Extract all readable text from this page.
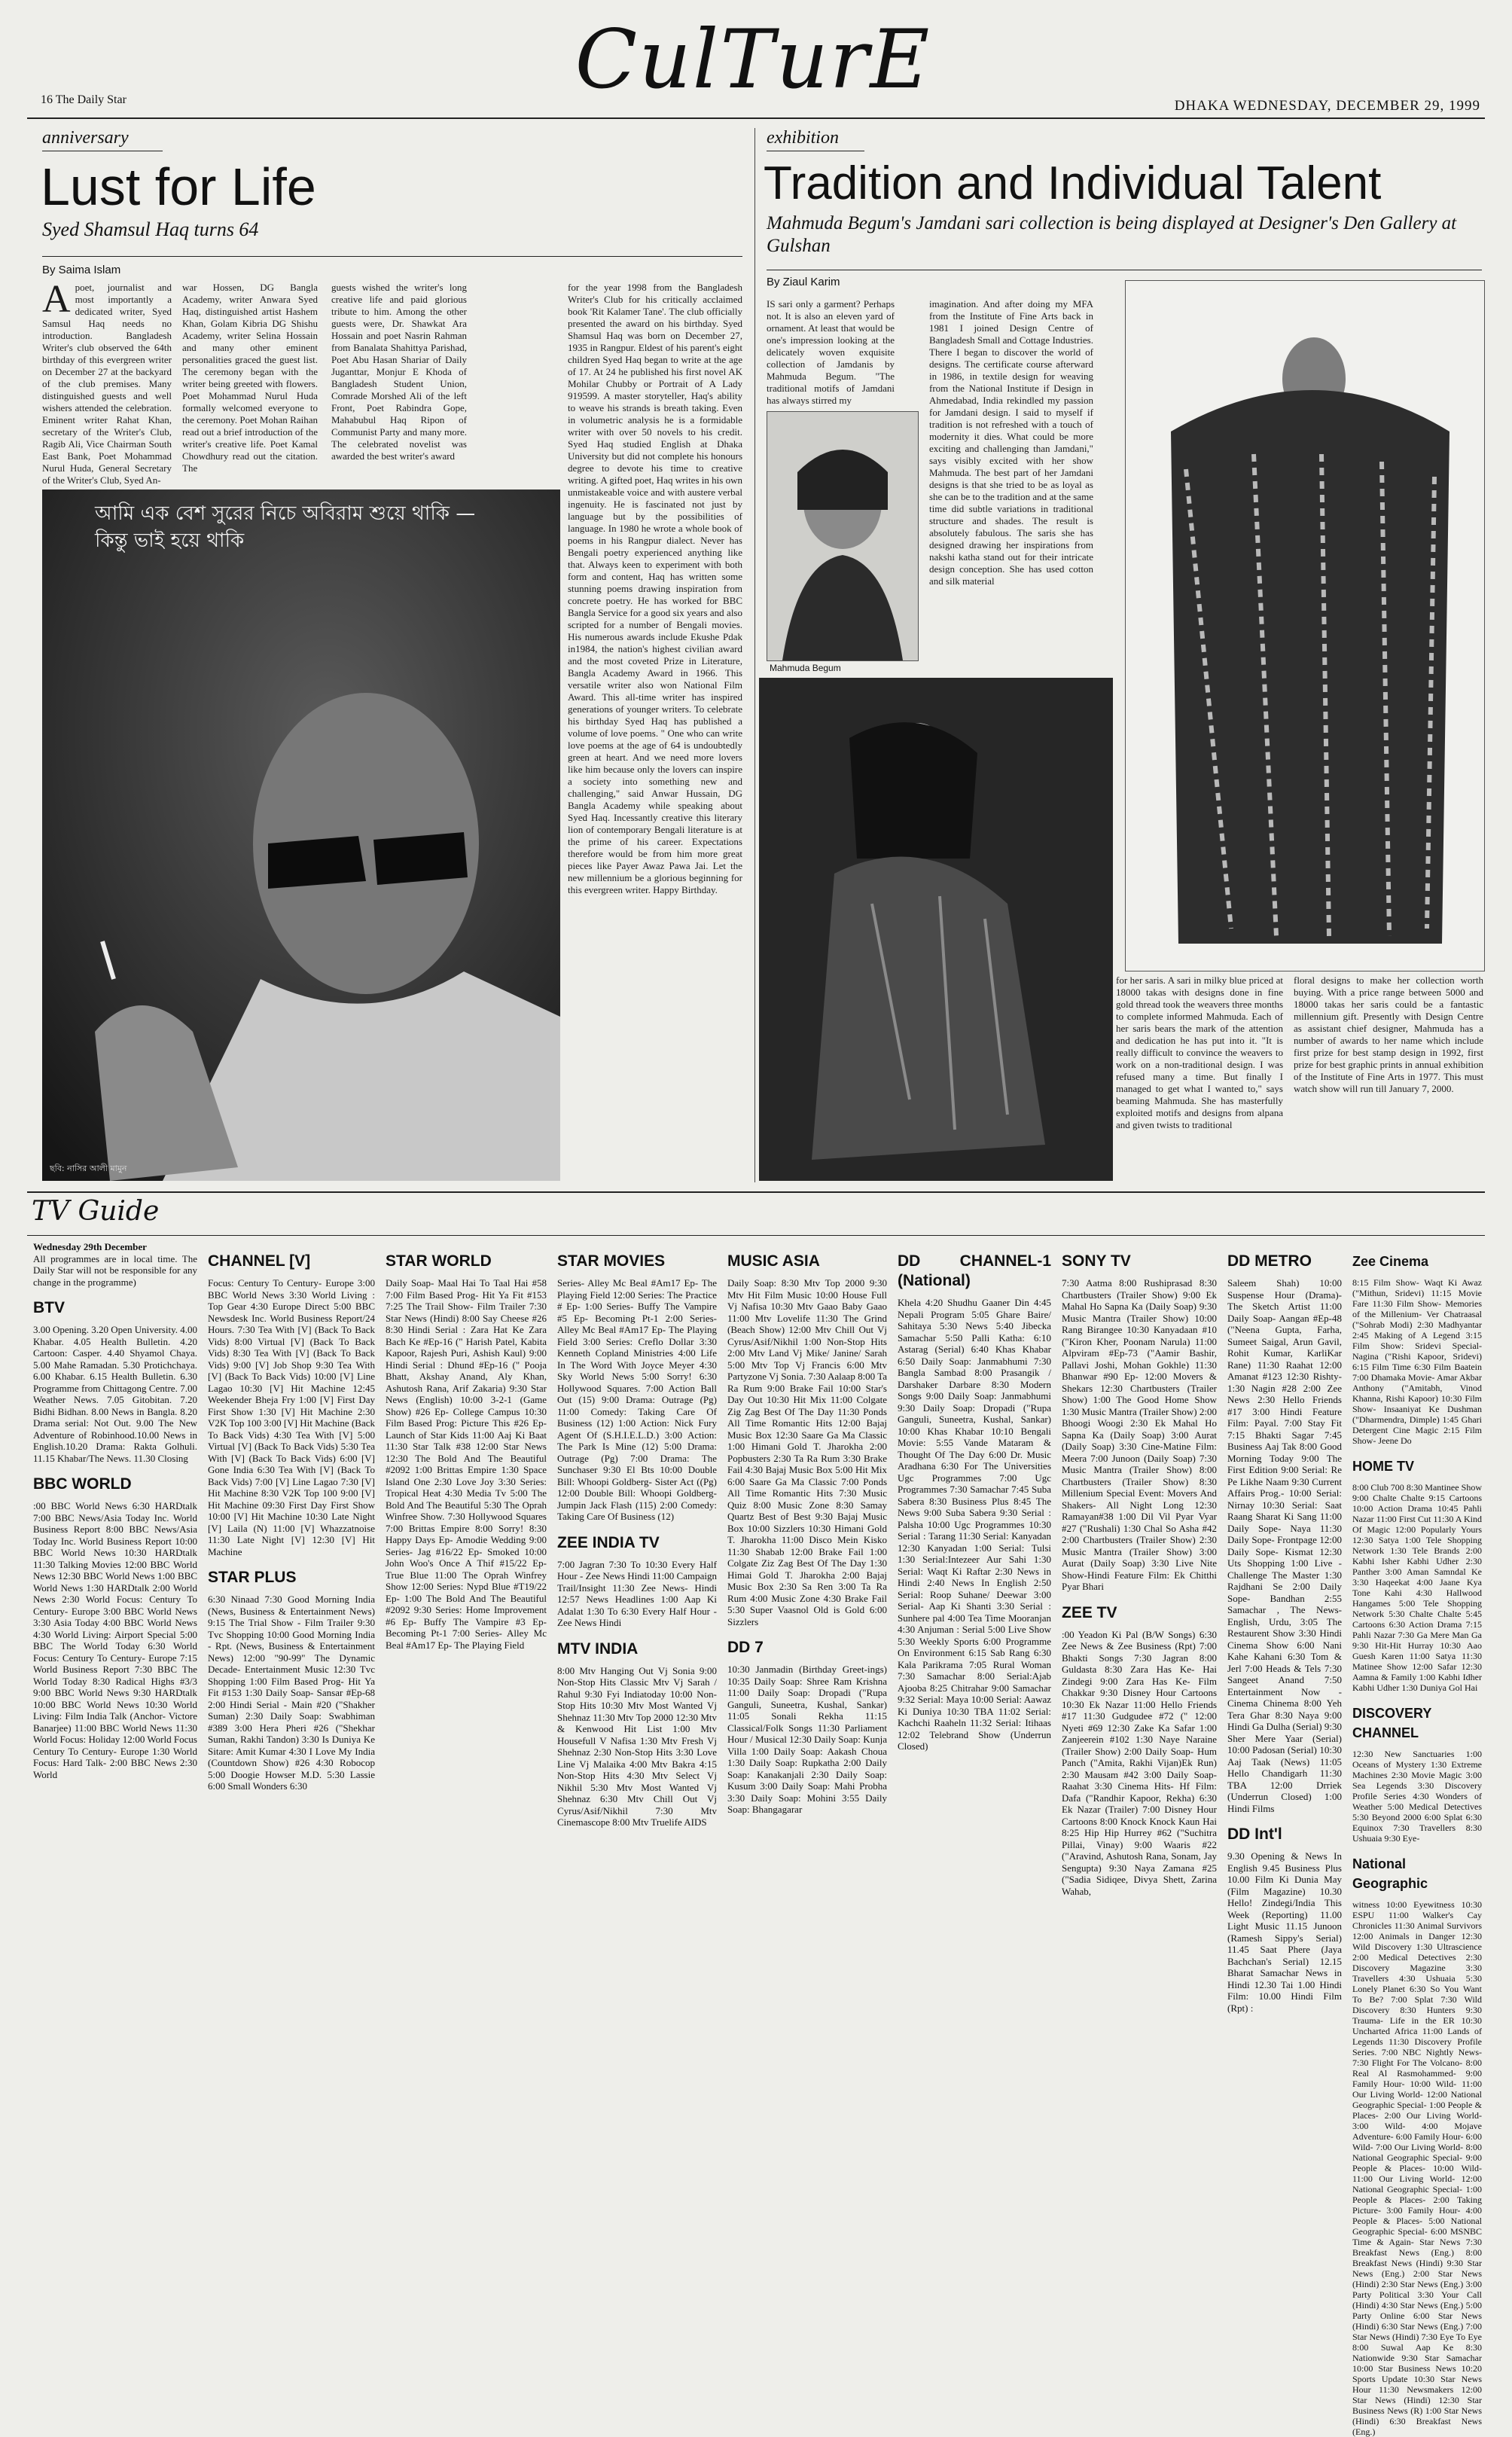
16 The Daily Star	CulTurE	DHAKA WEDNESDAY, DECEMBER 29, 1999
anniversary
Lust for Life
Syed Shamsul Haq turns 64
By Saima Islam
A poet, journalist and most importantly a dedicated writer, Syed Samsul Haq needs no introduction. Bangladesh Writer's club observed the 64th birthday of this evergreen writer on December 27 at the backyard of the club premises. Many distinguished guests and well wishers attended the celebration. Eminent writer Rahat Khan, secretary of the Writer's Club, Ragib Ali, Vice Chairman South East Bank, Poet Mohammad Nurul Huda, General Secretary of the Writer's Club, Syed An-
war Hossen, DG Bangla Academy, writer Anwara Syed Haq, distinguished artist Hashem Khan, Golam Kibria DG Shishu Academy, writer Selina Hossain and many other eminent personalities graced the guest list. The ceremony began with the writer being greeted with flowers. Poet Mohammad Nurul Huda formally welcomed everyone to the ceremony. Poet Mohan Raihan read out a brief introduction of the writer's creative life. Poet Kamal Chowdhury read out the citation. The
guests wished the writer's long creative life and paid glorious tribute to him. Among the other guests were, Dr. Shawkat Ara Hossain and poet Nasrin Rahman from Banalata Shahittya Parishad, Poet Abu Hasan Shariar of Daily Juganttar, Monjur E Khoda of Bangladesh Student Union, Comrade Morshed Ali of the left Front, Poet Rabindra Gope, Mahabubul Haq Ripon of Communist Party and many more. The celebrated novelist was awarded the best writer's award
for the year 1998 from the Bangladesh Writer's Club for his critically acclaimed book 'Rit Kalamer Tane'. The club officially presented the award on his birthday. Syed Shamsul Haq was born on December 27, 1935 in Rangpur. Eldest of his parent's eight children Syed Haq began to write at the age of 17. At 24 he published his first novel AK Mohilar Chubby or Portrait of A Lady 919599. A master storyteller, Haq's ability to weave his strands is breath taking. Even in volumetric analysis he is a formidable writer with over 50 novels to his credit. Syed Haq studied English at Dhaka University but did not complete his honours degree to devote his time to creative writing. A gifted poet, Haq writes in his own unmistakeable voice and with austere verbal ingenuity. He is fascinated not just by language but by the possibilities of language. In 1980 he wrote a whole book of poems in his Rangpur dialect. Never has Bengali poetry experienced anything like that. Always keen to experiment with both form and content, Haq has written some stunning poems drawing inspiration from concrete poetry. He has worked for BBC Bangla Service for a good six years and also scripted for a number of Bengali movies. His numerous awards include Ekushe Pdak in1984, the nation's highest civilian award and the most coveted Prize in Literature, Bangla Academy Award in 1966. This versatile writer also won National Film Award. This all-time writer has inspired generations of younger writers. To celebrate his birthday Syed Haq has published a volume of love poems. " One who can write love poems at the age of 64 is undoubtedly green at heart. And we need more lovers like him because only the lovers can inspire a society into something new and challenging," said Anwar Hussain, DG Bangla Academy while speaking about Syed Haq. Incessantly creative this literary lion of contemporary Bengali literature is at the prime of his career. Expectations therefore would be from him more great pieces like Payer Awaz Pawa Jai. Let the new millennium be a glorious beginning for this evergreen writer. Happy Birthday.
আমি এক বেশ সুরের নিচে অবিরাম শুয়ে থাকি — কিন্তু ভাই হয়ে থাকি
ছবি: নাসির আলী মামুন
exhibition
Tradition and Individual Talent
Mahmuda Begum's Jamdani sari collection is being displayed at Designer's Den Gallery at Gulshan
By Ziaul Karim
IS sari only a garment? Perhaps not. It is also an eleven yard of ornament. At least that would be one's impression looking at the delicately woven exquisite collection of Jamdanis by Mahmuda Begum. "The traditional motifs of Jamdani has always stirred my
imagination. And after doing my MFA from the Institute of Fine Arts back in 1981 I joined Design Centre of Bangladesh Small and Cottage Industries. There I began to discover the world of designs. The certificate course afterward in 1986, in textile design for weaving from the National Institute if Design in Ahmedabad, India rekindled my passion for Jamdani design. I said to myself if tradition is not refreshed with a touch of modernity it dies. What could be more exciting and challenging than Jamdani," says visibly excited with her show Mahmuda. The best part of her Jamdani designs is that she tried to be as loyal as she can be to the tradition and at the same time did subtle variations in traditional structure and shades. The result is absolutely fabulous. The saris she has designed drawing her inspirations from nakshi katha stand out for their intricate design conception. She has used cotton and silk material
for her saris. A sari in milky blue priced at 18000 takas with designs done in fine gold thread took the weavers three months to complete informed Mahmuda. Each of her saris bears the mark of the attention and dedication he has put into it. "It is really difficult to convince the weavers to work on a non-traditional design. I was refused many a time. But finally I managed to get what I wanted to," says beaming Mahmuda. She has masterfully exploited motifs and designs from alpana and given twists to traditional
floral designs to make her collection worth buying. With a price range between 5000 and 18000 takas her saris could be a fantastic millennium gift. Presently with Design Centre as assistant chief designer, Mahmuda has a number of awards to her name which include first prize for best stamp design in 1992, first prize for best graphic prints in annual exhibition of the Institute of Fine Arts in 1977. This must watch show will run till January 7, 2000.
Mahmuda Begum
TV Guide
Wednesday 29th December
All programmes are in local time. The Daily Star will not be responsible for any change in the programme)
BTV
3.00 Opening. 3.20 Open University. 4.00 Khabar. 4.05 Health Bulletin. 4.20 Cartoon: Casper. 4.40 Shyamol Chaya. 5.00 Mahe Ramadan. 5.30 Protichchaya. 6.00 Khabar. 6.15 Health Bulletin. 6.30 Programme from Chittagong Centre. 7.00 Weather News. 7.05 Gitobitan. 7.20 Bidhi Bidhan. 8.00 News in Bangla. 8.20 Drama serial: Not Out. 9.00 The New Adventure of Robinhood.10.00 News in English.10.20 Drama: Rakta Golhuli. 11.15 Khabar/The News. 11.30 Closing
BBC WORLD
:00 BBC World News 6:30 HARDtalk 7:00 BBC News/Asia Today Inc. World Business Report 8:00 BBC News/Asia Today Inc. World Business Report 10:00 BBC World News 10:30 HARDtalk 11:30 Talking Movies 12:00 BBC World News 12:30 BBC World News 1:00 BBC World News 1:30 HARDtalk 2:00 World News 2:30 World Focus: Century To Century- Europe 3:00 BBC World News 3:30 Asia Today 4:00 BBC World News 4:30 World Living: Airport Special 5:00 BBC The World Today 6:30 World Focus: Century To Century- Europe 7:15 World Business Report 7:30 BBC The World Today 8:30 Radical Highs #3/3 9:00 BBC World News 9:30 HARDtalk 10:00 BBC World News 10:30 World Living: Film India Talk (Anchor- Victore Banarjee) 11:00 BBC World News 11:30 World Focus: Holiday 12:00 World Focus Century To Century- Europe 1:30 World Focus: Hard Talk- 2:00 BBC News 2:30 World
CHANNEL [V]
Focus: Century To Century- Europe 3:00 BBC World News 3:30 World Living : Top Gear 4:30 Europe Direct 5:00 BBC Newsdesk Inc. World Business Report/24 Hours. 7:30 Tea With [V] (Back To Back Vids) 8:00 Virtual [V] (Back To Back Vids) 8:30 Tea With [V] (Back To Back Vids) 9:00 [V] Job Shop 9:30 Tea With [V] (Back To Back Vids) 10:00 [V] Line Lagao 10:30 [V] Hit Machine 12:45 Weekender Bheja Fry 1:00 [V] First Day First Show 1:30 [V] Hit Machine 2:30 V2K Top 100 3:00 [V] Hit Machine (Back To Back Vids) 4:30 Tea With [V] 5:00 Virtual [V] (Back To Back Vids) 5:30 Tea With [V] (Back To Back Vids) 6:00 [V] Gone India 6:30 Tea With [V] (Back To Back Vids) 7:00 [V] Line Lagao 7:30 [V] Hit Machine 8:30 V2K Top 100 9:00 [V] Hit Machine 09:30 First Day First Show 10:00 [V] Hit Machine 10:30 Late Night [V] Laila (N) 11:00 [V] Whazzatnoise 11:30 Late Night [V] 12:30 [V] Hit Machine
STAR PLUS
6:30 Ninaad 7:30 Good Morning India (News, Business & Entertainment News) 9:15 The Trial Show - Film Trailer 9:30 Tvc Shopping 10:00 Good Morning India - Rpt. (News, Business & Entertainment News) 12:00 "90-99" The Dynamic Decade- Entertainment Music 12:30 Tvc Shopping 1:00 Film Based Prog- Hit Ya Fit #153 1:30 Daily Soap- Sansar #Ep-68 2:00 Hindi Serial - Main #20 ("Shakher Suman) 2:30 Daily Soap: Swabhiman #389 3:00 Hera Pheri #26 ("Shekhar Suman, Rakhi Tandon) 3:30 Is Duniya Ke Sitare: Amit Kumar 4:30 I Love My India (Countdown Show) #26 4:30 Robocop 5:00 Doogie Howser M.D. 5:30 Lassie 6:00 Small Wonders 6:30
STAR WORLD
Daily Soap- Maal Hai To Taal Hai #58 7:00 Film Based Prog- Hit Ya Fit #153 7:25 The Trail Show- Film Trailer 7:30 Star News (Hindi) 8:00 Say Cheese #26 8:30 Hindi Serial : Zara Hat Ke Zara Bach Ke #Ep-16 (" Harish Patel, Kabita Kapoor, Rajesh Puri, Ashish Kaul) 9:00 Hindi Serial : Dhund #Ep-16 (" Pooja Bhatt, Akshay Anand, Aly Khan, Ashutosh Rana, Arif Zakaria) 9:30 Star News (English) 10:00 3-2-1 (Game Show) #26 Ep- College Campus 10:30 Film Based Prog: Picture This #26 Ep- Launch of Star Kids 11:00 Aaj Ki Baat 11:30 Star Talk #38 12:00 Star News 12:30 The Bold And The Beautiful #2092 1:00 Brittas Empire 1:30 Space Island One 2:30 Love Joy 3:30 Series: Tropical Heat 4:30 Media Tv 5:00 The Bold And The Beautiful 5:30 The Oprah Winfree Show. 7:30 Hollywood Squares 7:00 Brittas Empire 8:00 Sorry! 8:30 Happy Days Ep- Amodie Wedding 9:00 Series- Jag #16/22 Ep- Smoked 10:00 John Woo's Once A Thif #15/22 Ep- True Blue 11:00 The Oprah Winfrey Show 12:00 Series: Nypd Blue #T19/22 Ep- 1:00 The Bold And The Beautiful #2092 9:30 Series: Home Improvement #6 Ep- Buffy The Vampire #3 Ep- Becoming Pt-1 7:00 Series- Alley Mc Beal #Am17 Ep- The Playing Field
STAR MOVIES
Series- Alley Mc Beal #Am17 Ep- The Playing Field 12:00 Series: The Practice # Ep- 1:00 Series- Buffy The Vampire #5 Ep- Becoming Pt-1 2:00 Series- Alley Mc Beal #Am17 Ep- The Playing Field 3:00 Series: Creflo Dollar 3:30 Kenneth Copland Ministries 4:00 Life In The Word With Joyce Meyer 4:30 Sky World News 5:00 Sorry! 6:30 Hollywood Squares. 7:00 Action Ball Out (15) 9:00 Drama: Outrage (Pg) 11:00 Comedy: Taking Care Of Business (12) 1:00 Action: Nick Fury Agent Of (S.H.I.E.L.D.) 3:00 Action: The Park Is Mine (12) 5:00 Drama: Outrage (Pg) 7:00 Drama: The Sunchaser 9:30 El Bts 10:00 Double Bill: Whoopi Goldberg- Sister Act ((Pg) 12:00 Double Bill: Whoopi Goldberg- Jumpin Jack Flash (115) 2:00 Comedy: Taking Care Of Business (12)
ZEE INDIA TV
7:00 Jagran 7:30 To 10:30 Every Half Hour - Zee News Hindi 11:00 Campaign Trail/Insight 11:30 Zee News- Hindi 12:57 News Headlines 1:00 Aap Ki Adalat 1:30 To 6:30 Every Half Hour - Zee News Hindi
MTV INDIA
8:00 Mtv Hanging Out Vj Sonia 9:00 Non-Stop Hits Classic Mtv Vj Sarah / Rahul 9:30 Fyi Indiatoday 10:00 Non-Stop Hits 10:30 Mtv Most Wanted Vj Shehnaz 11:30 Mtv Top 2000 12:30 Mtv & Kenwood Hit List 1:00 Mtv Housefull V Nafisa 1:30 Mtv Fresh Vj Shehnaz 2:30 Non-Stop Hits 3:30 Love Line Vj Malaika 4:00 Mtv Bakra 4:15 Non-Stop Hits 4:30 Mtv Select Vj Nikhil 5:30 Mtv Most Wanted Vj Shehnaz 6:30 Mtv Chill Out Vj Cyrus/Asif/Nikhil 7:30 Mtv Cinemascope 8:00 Mtv Truelife AIDS
MUSIC ASIA
Daily Soap: 8:30 Mtv Top 2000 9:30 Mtv Hit Film Music 10:00 House Full Vj Nafisa 10:30 Mtv Gaao Baby Gaao 11:00 Mtv Lovelife 11:30 The Grind (Beach Show) 12:00 Mtv Chill Out Vj Cyrus/Asif/Nikhil 1:00 Non-Stop Hits 2:00 Mtv Land Vj Mike/ Janine/ Sarah 5:00 Mtv Top Vj Francis 6:00 Mtv Partyzone Vj Sonia. 7:30 Aalaap 8:00 Ta Ra Rum 9:00 Brake Fail 10:00 Star's Day Out 10:30 Hit Mix 11:00 Colgate Zig Zag Best Of The Day 11:30 Ponds All Time Romantic Hits 12:00 Bajaj Music Box 12:30 Saare Ga Ma Classic 1:00 Himani Gold T. Jharokha 2:00 Popbusters 2:30 Ta Ra Rum 3:30 Brake Fail 4:30 Bajaj Music Box 5:00 Hit Mix 6:00 Saare Ga Ma Classic 7:00 Ponds All Time Romantic Hits 7:30 Music Quiz 8:00 Music Zone 8:30 Samay Quartz Best of Best 9:30 Bajaj Music Box 10:00 Sizzlers 10:30 Himani Gold T. Jharokha 11:00 Disco Mein Kisko 11:30 Shabab 12:00 Brake Fail 1:00 Colgate Ziz Zag Best Of The Day 1:30 Himai Gold T. Jharokha 2:00 Bajaj Music Box 2:30 Sa Ren 3:00 Ta Ra Rum 4:00 Music Zone 4:30 Brake Fail 5:30 Super Vaasnol Old is Gold 6:00 Sizzlers
DD 7
10:30 Janmadin (Birthday Greet-ings) 10:35 Daily Soap: Shree Ram Krishna 11:00 Daily Soap: Dropadi ("Rupa Ganguli, Suneetra, Kushal, Sankar) 11:05 Sonali Rekha 11:15 Classical/Folk Songs 11:30 Parliament Hour / Musical 12:30 Daily Soap: Kunja Villa 1:00 Daily Soap: Aakash Choua 1:30 Daily Soap: Rupkatha 2:00 Daily Soap: Kanakanjali 2:30 Daily Soap: Kusum 3:00 Daily Soap: Mahi Probha 3:30 Daily Soap: Mohini 3:55 Daily Soap: Bhangagarar
DD CHANNEL-1 (National)
Khela 4:20 Shudhu Gaaner Din 4:45 Nepali Program 5:05 Ghare Baire/ Sahitaya 5:30 News 5:40 Jibecka Samachar 5:50 Palli Katha: 6:10 Astarag (Serial) 6:40 Khas Khabar 6:50 Daily Soap: Janmabhumi 7:30 Bangla Sambad 8:00 Prasangik / Darshaker Darbare 8:30 Modern Songs 9:00 Daily Soap: Janmabhumi 9:30 Daily Soap: Dropadi ("Rupa Ganguli, Suneetra, Kushal, Sankar) 10:00 Khas Khabar 10:10 Bengali Movie: 5:55 Vande Mataram & Thought Of The Day 6:00 Dr. Music Aradhana 6:30 For The Universities Ugc Programmes 7:00 Ugc Programmes 7:30 Samachar 7:45 Suba Sabera 8:30 Business Plus 8:45 The News 9:00 Suba Sabera 9:30 Serial : Palsha 10:00 Ugc Programmes 10:30 Serial : Tarang 11:30 Serial: Kanyadan 12:30 Kanyadan 1:00 Serial: Tulsi 1:30 Serial:Intezeer Aur Sahi 1:30 Serial: Waqt Ki Raftar 2:30 News in Hindi 2:40 News In English 2:50 Serial: Roop Suhane/ Deewar 3:00 Serial- Aap Ki Shanti 3:30 Serial : Sunhere pal 4:00 Tea Time Mooranjan 4:30 Anjuman : Serial 5:00 Live Show 5:30 Weekly Sports 6:00 Programme On Environment 6:15 Sab Rang 6:30 Kala Parikrama 7:05 Rural Woman 7:30 Samachar 8:00 Serial:Ajab Ajooba 8:25 Chitrahar 9:00 Samachar 9:32 Serial: Maya 10:00 Serial: Aawaz Ki Duniya 10:30 TBA 11:02 Serial: Kachchi Raaheln 11:32 Serial: Itihaas 12:02 Telebrand Show (Underrun Closed)
SONY TV
7:30 Aatma 8:00 Rushiprasad 8:30 Chartbusters (Trailer Show) 9:00 Ek Mahal Ho Sapna Ka (Daily Soap) 9:30 Music Mantra (Trailer Show) 10:00 Rang Birangee 10:30 Kanyadaan #10 ("Kiron Kher, Poonam Narula) 11:00 Alpviram #Ep-73 ("Aamir Bashir, Pallavi Joshi, Mohan Gokhle) 11:30 Bhanwar #90 Ep- 12:00 Movers & Shekars 12:30 Chartbusters (Trailer Show) 1:00 The Good Home Show 1:30 Music Mantra (Trailer Show) 2:00 Bhoogi Woogi 2:30 Ek Mahal Ho Sapna Ka (Daily Soap) 3:00 Aurat (Daily Soap) 3:30 Cine-Matine Film: Meera 7:00 Junoon (Daily Soap) 7:30 Music Mantra (Trailer Show) 8:00 Chartbusters (Trailer Show) 8:30 Millenium Special Event: Movers And Shakers- All Night Long 12:30 Ramayan#38 1:00 Dil Vil Pyar Vyar #27 ("Rushali) 1:30 Chal So Asha #42 2:00 Chartbusters (Trailer Show) 2:30 Music Mantra (Trailer Show) 3:00 Aurat (Daily Soap) 3:30 Live Nite Show-Hindi Feature Film: Ek Chitthi Pyar Bhari
ZEE TV
:00 Yeadon Ki Pal (B/W Songs) 6:30 Zee News & Zee Business (Rpt) 7:00 Bhakti Songs 7:30 Jagran 8:00 Guldasta 8:30 Zara Has Ke- Hai Zindegi 9:00 Zara Has Ke- Film Chakkar 9:30 Disney Hour Cartoons 10:30 Ek Nazar 11:00 Hello Friends #17 11:30 Gudgudee #72 (" 12:00 Nyeti #69 12:30 Zake Ka Safar 1:00 Zanjeerein #102 1:30 Naye Naraine (Trailer Show) 2:00 Daily Soap- Hum Panch ("Amita, Rakhi Vijan)Ek Run) 2:30 Mausam #42 3:00 Daily Soap- Raahat 3:30 Cinema Hits- Hf Film: Dafa ("Randhir Kapoor, Rekha) 6:30 Ek Nazar (Trailer) 7:00 Disney Hour Cartoons 8:00 Knock Knock Kaun Hai 8:25 Hip Hip Hurrey #62 ("Suchitra Pillai, Vinay) 9:00 Waaris #22 ("Aravind, Ashutosh Rana, Sonam, Jay Sengupta) 9:30 Naya Zamana #25 ("Sadia Sidiqee, Divya Shett, Zarina Wahab,
DD METRO
Saleem Shah) 10:00 Suspense Hour (Drama)- The Sketch Artist 11:00 Daily Soap- Aangan #Ep-48 ("Neena Gupta, Farha, Sumeet Saigal, Arun Gavil, Rohit Kumar, KarliKar Rane) 11:30 Raahat 12:00 Amanat #123 12:30 Rishty- 1:30 Nagin #28 2:00 Zee News 2:30 Hello Friends #17 3:00 Hindi Feature Film: Payal. 7:00 Stay Fit 7:15 Bhakti Sagar 7:45 Business Aaj Tak 8:00 Good Morning Today 9:00 The First Edition 9:00 Serial: Re Pe Likhe Naam 9:30 Current Affairs Prog.- 10:00 Serial: Nirnay 10:30 Serial: Saat Raang Sharat Ki Sang 11:00 Daily Sope- Naya 11:30 Daily Sope- Frontpage 12:00 Daily Sope- Kismat 12:30 Uts Shopping 1:00 Live - Challenge The Master 1:30 Rajdhani Se 2:00 Daily Sope- Bandhan 2:55 Samachar , The News-English, Urdu, 3:05 The Restaurent Show 3:30 Hindi Cinema Show 6:00 Nani Kahe Kahani 6:30 Tom & Jerl 7:00 Heads & Tels 7:30 Sangeet Anand 7:50 Entertainment Now - Cinema Chinema 8:00 Yeh Tera Ghar 8:30 Naya 9:00 Hindi Ga Dulha (Serial) 9:30 Sher Mere Yaar (Serial) 10:00 Padosan (Serial) 10:30 Aaj Taak (News) 11:05 Hello Chandigarh 11:30 TBA 12:00 Drriek (Underrun Closed) 1:00 Hindi Films
DD Int'l
9.30 Opening & News In English 9.45 Business Plus 10.00 Film Ki Dunia May (Film Magazine) 10.30 Hello! Zindegi/India This Week (Reporting) 11.00 Light Music 11.15 Junoon (Ramesh Sippy's Serial) 11.45 Saat Phere (Jaya Bachchan's Serial) 12.15 Bharat Samachar News in Hindi 12.30 Tai 1.00 Hindi Film: 10.00 Hindi Film (Rpt) :
Zee Cinema
8:15 Film Show- Waqt Ki Awaz ("Mithun, Sridevi) 11:15 Movie Fare 11:30 Film Show- Memories of the Millenium- Ver Chatraasal ("Sohrab Modi) 2:30 Madhyantar 2:45 Making of A Legend 3:15 Film Show: Sridevi Special- Nagina ("Rishi Kapoor, Sridevi) 6:15 Film Time 6:30 Film Baatein 7:00 Dhamaka Movie- Amar Akbar Anthony ("Amitabh, Vinod Khanna, Rishi Kapoor) 10:30 Film Show- Insaaniyat Ke Dushman ("Dharmendra, Dimple) 1:45 Ghari Detergent Cine Magic 2:15 Film Show- Jeene Do
HOME TV
8:00 Club 700 8:30 Mantinee Show 9:00 Chalte Chalte 9:15 Cartoons 10:00 Action Drama 10:45 Pahli Nazar 11:00 First Cut 11:30 A Kind Of Magic 12:00 Popularly Yours 12:30 Satya 1:00 Tele Shopping Network 1:30 Tele Brands 2:00 Kabhi Isher Kabhi Udher 2:30 Panther 3:00 Aman Samndal Ke 3:30 Haqeekat 4:00 Jaane Kya Tone Kahi 4:30 Hallwood Hangames 5:00 Tele Shopping Network 5:30 Chalte Chalte 5:45 Cartoons 6:30 Action Drama 7:15 Pahli Nazar 7:30 Ga Mere Man Ga 9:30 Hit-Hit Hurray 10:30 Aao Guesh Karen 11:00 Satya 11:30 Matinee Show 12:00 Safar 12:30 Aamna & Family 1:00 Kabhi Idher Kabhi Udher 1:30 Duniya Gol Hai
DISCOVERY CHANNEL
12:30 New Sanctuaries 1:00 Oceans of Mystery 1:30 Extreme Machines 2:30 Movie Magic 3:00 Sea Legends 3:30 Discovery Profile Series 4:30 Wonders of Weather 5:00 Medical Detectives 5:30 Beyond 2000 6:00 Splat 6:30 Equinox 7:30 Travellers 8:30 Ushuaia 9:30 Eye-
National Geographic
witness 10:00 Eyewitness 10:30 ESPU 11:00 Walker's Cay Chronicles 11:30 Animal Survivors 12:00 Animals in Danger 12:30 Wild Discovery 1:30 Ultrascience 2:00 Medical Detectives 2:30 Discovery Magazine 3:30 Travellers 4:30 Ushuaia 5:30 Lonely Planet 6:30 So You Want To Be? 7:00 Splat 7:30 Wild Discovery 8:30 Hunters 9:30 Trauma- Life in the ER 10:30 Uncharted Africa 11:00 Lands of Legends 11:30 Discovery Profile Series. 7:00 NBC Nightly News- 7:30 Flight For The Volcano- 8:00 Real Al Rasmohammed- 9:00 Family Hour- 10:00 Wild- 11:00 Our Living World- 12:00 National Geographic Special- 1:00 People & Places- 2:00 Our Living World- 3:00 Wild- 4:00 Mojave Adventure- 6:00 Family Hour- 6:00 Wild- 7:00 Our Living World- 8:00 National Geographic Special- 9:00 People & Places- 10:00 Wild- 11:00 Our Living World- 12:00 National Geographic Special- 1:00 People & Places- 2:00 Taking Picture- 3:00 Family Hour- 4:00 People & Places- 5:00 National Geographic Special- 6:00 MSNBC Time & Again- Star News 7:30 Breakfast News (Eng.) 8:00 Breakfast News (Hindi) 9:30 Star News (Eng.) 2:00 Star News (Hindi) 2:30 Star News (Eng.) 3:00 Party Political 3:30 Your Call (Hindi) 4:30 Star News (Eng.) 5:00 Party Online 6:00 Star News (Hindi) 6:30 Star News (Eng.) 7:00 Star News (Hindi) 7:30 Eye To Eye 8:00 Suwal Aap Ke 8:30 Nationwide 9:30 Star Samachar 10:00 Star Business News 10:20 Sports Update 10:30 Star News Hour 11:30 Newsmakers 12:00 Star News (Hindi) 12:30 Star Business News (R) 1:00 Star News (Hindi) 6:30 Breakfast News (Eng.)
